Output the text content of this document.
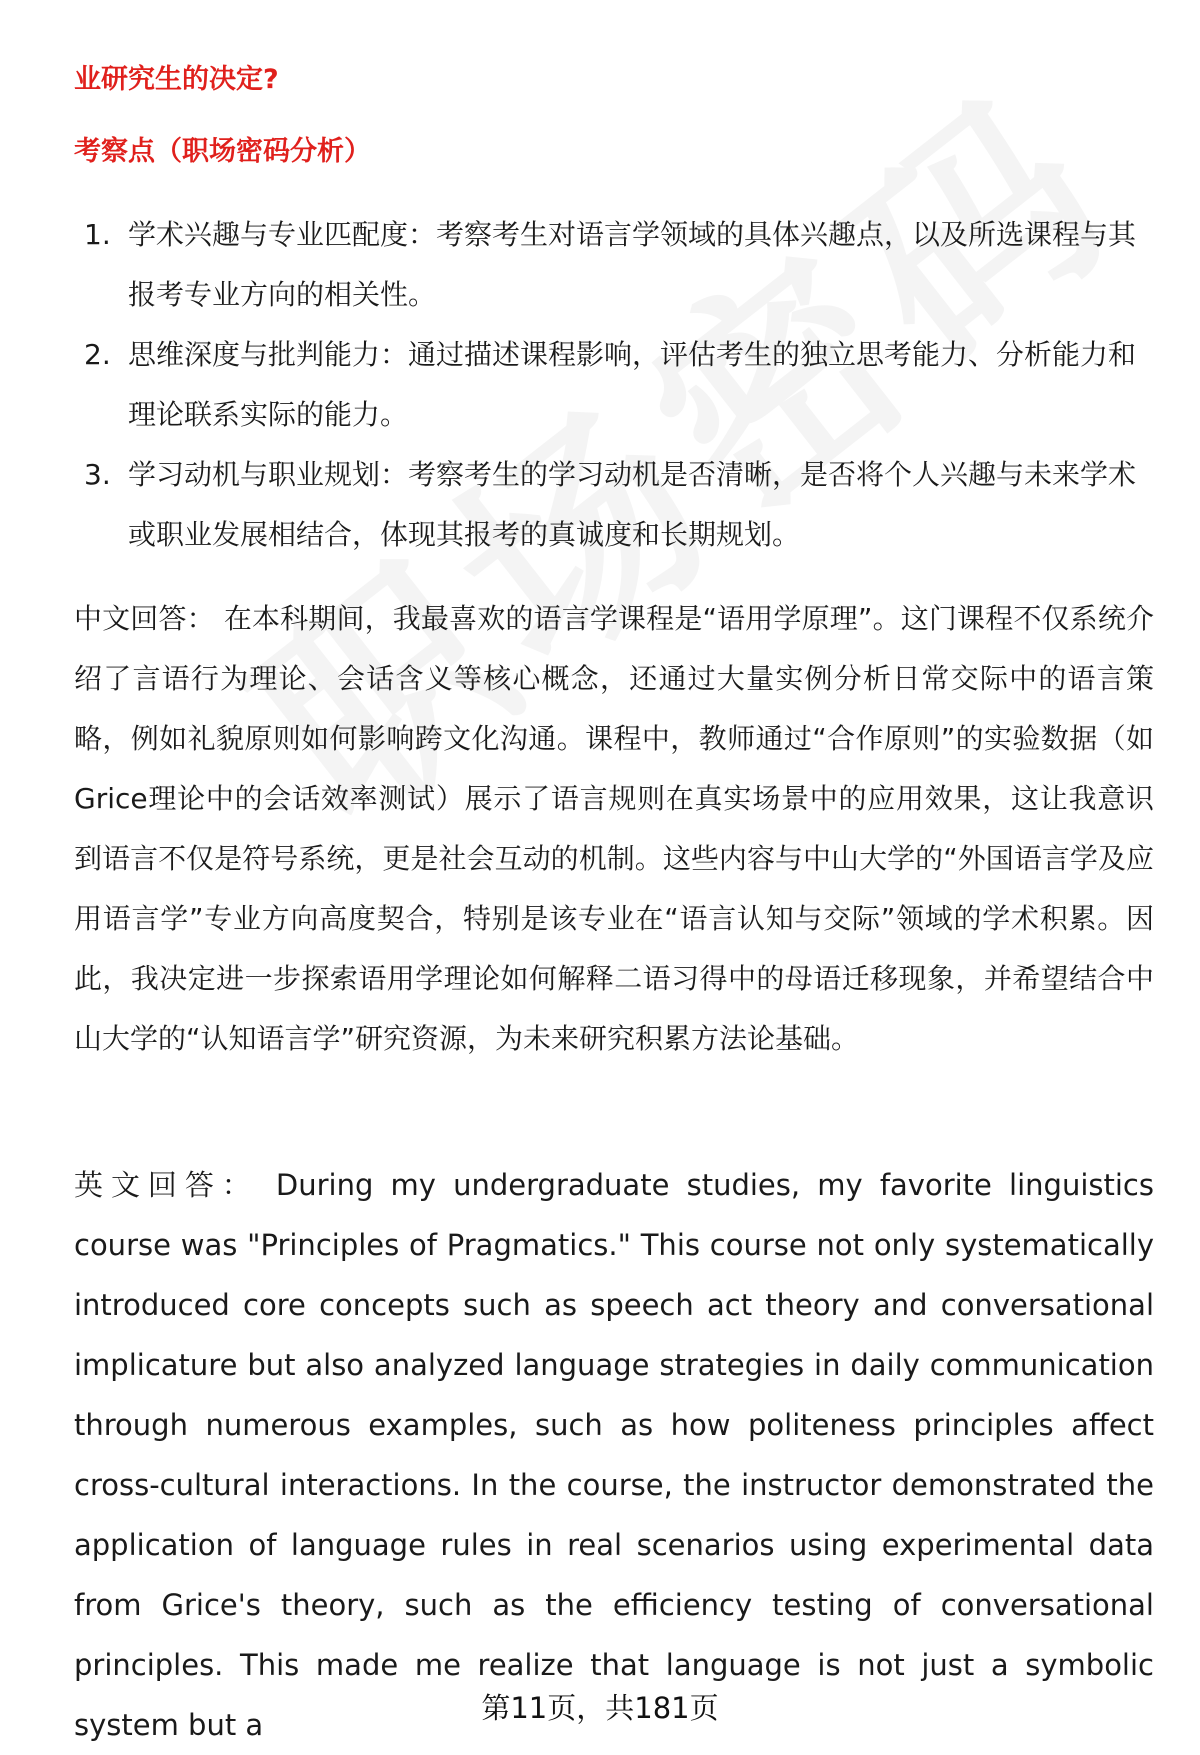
业研究生的决定?

考察点（职场密码分析）

1. 学术兴趣与专业匹配度：考察考生对语言学领域的具体兴趣点，以及所选课程与其报考专业方向的相关性。
2. 思维深度与批判能力：通过描述课程影响，评估考生的独立思考能力、分析能力和理论联系实际的能力。
3. 学习动机与职业规划：考察考生的学习动机是否清晰，是否将个人兴趣与未来学术或职业发展相结合，体现其报考的真诚度和长期规划。

中文回答： 在本科期间，我最喜欢的语言学课程是“语用学原理”。这门课程不仅系统介绍了言语行为理论、会话含义等核心概念，还通过大量实例分析日常交际中的语言策略，例如礼貌原则如何影响跨文化沟通。课程中，教师通过“合作原则”的实验数据（如Grice理论中的会话效率测试）展示了语言规则在真实场景中的应用效果，这让我意识到语言不仅是符号系统，更是社会互动的机制。这些内容与中山大学的“外国语言学及应用语言学”专业方向高度契合，特别是该专业在“语言认知与交际”领域的学术积累。因此，我决定进一步探索语用学理论如何解释二语习得中的母语迁移现象，并希望结合中山大学的“认知语言学”研究资源，为未来研究积累方法论基础。

英文回答： During my undergraduate studies, my favorite linguistics course was "Principles of Pragmatics." This course not only systematically introduced core concepts such as speech act theory and conversational implicature but also analyzed language strategies in daily communication through numerous examples, such as how politeness principles affect cross-cultural interactions. In the course, the instructor demonstrated the application of language rules in real scenarios using experimental data from Grice's theory, such as the efficiency testing of conversational principles. This made me realize that language is not just a symbolic system but a	第11页，共181页
